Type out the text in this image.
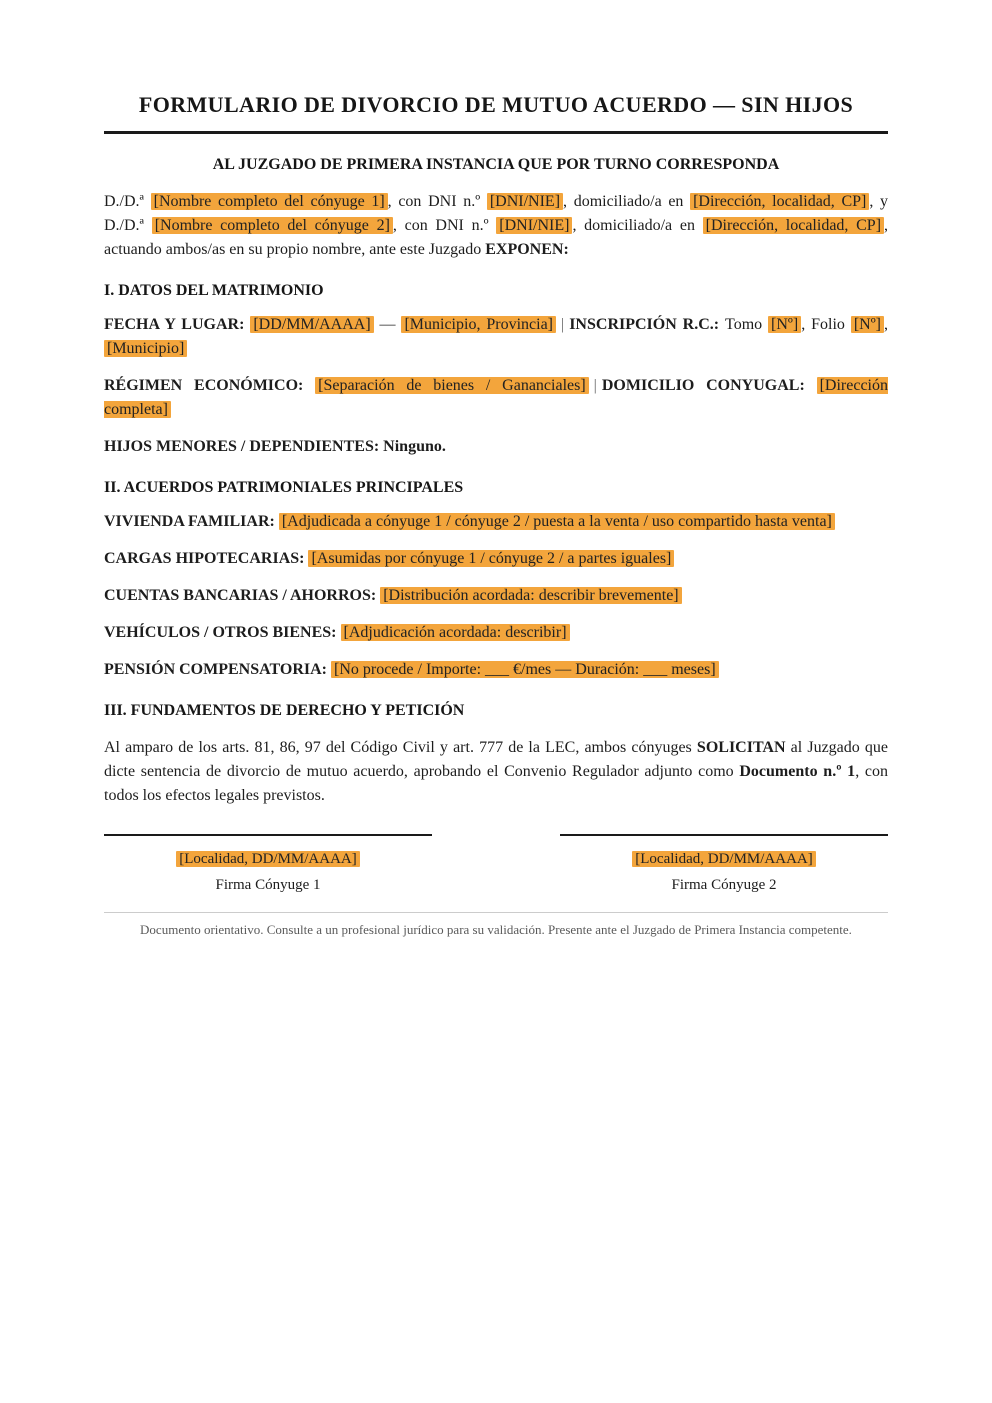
FORMULARIO DE DIVORCIO DE MUTUO ACUERDO — SIN HIJOS
AL JUZGADO DE PRIMERA INSTANCIA QUE POR TURNO CORRESPONDA

D./D.ª [Nombre completo del cónyuge 1] , con DNI n.º [DNI/NIE] , domiciliado/a en [Dirección, localidad, CP] , y D./D.ª [Nombre completo del cónyuge 2] , con DNI n.º [DNI/NIE] , domiciliado/a en [Dirección, localidad, CP] , actuando ambos/as en su propio nombre, ante este Juzgado EXPONEN:

I. DATOS DEL MATRIMONIO

FECHA Y LUGAR: [DD/MM/AAAA] — [Municipio, Provincia] | INSCRIPCIÓN R.C.: Tomo [Nº] , Folio [Nº] , [Municipio]

RÉGIMEN ECONÓMICO: [Separación de bienes / Gananciales] | DOMICILIO CONYUGAL: [Dirección completa]

HIJOS MENORES / DEPENDIENTES: Ninguno.

II. ACUERDOS PATRIMONIALES PRINCIPALES

VIVIENDA FAMILIAR: [Adjudicada a cónyuge 1 / cónyuge 2 / puesta a la venta / uso compartido hasta venta]

CARGAS HIPOTECARIAS: [Asumidas por cónyuge 1 / cónyuge 2 / a partes iguales]

CUENTAS BANCARIAS / AHORROS: [Distribución acordada: describir brevemente]

VEHÍCULOS / OTROS BIENES: [Adjudicación acordada: describir]

PENSIÓN COMPENSATORIA: [No procede / Importe: ___ €/mes — Duración: ___ meses]

III. FUNDAMENTOS DE DERECHO Y PETICIÓN

Al amparo de los arts. 81, 86, 97 del Código Civil y art. 777 de la LEC, ambos cónyuges SOLICITAN al Juzgado que dicte sentencia de divorcio de mutuo acuerdo, aprobando el Convenio Regulador adjunto como Documento n.º 1, con todos los efectos legales previstos.

[Localidad, DD/MM/AAAA]
Firma Cónyuge 1
[Localidad, DD/MM/AAAA]
Firma Cónyuge 2
Documento orientativo. Consulte a un profesional jurídico para su validación. Presente ante el Juzgado de Primera Instancia competente.
